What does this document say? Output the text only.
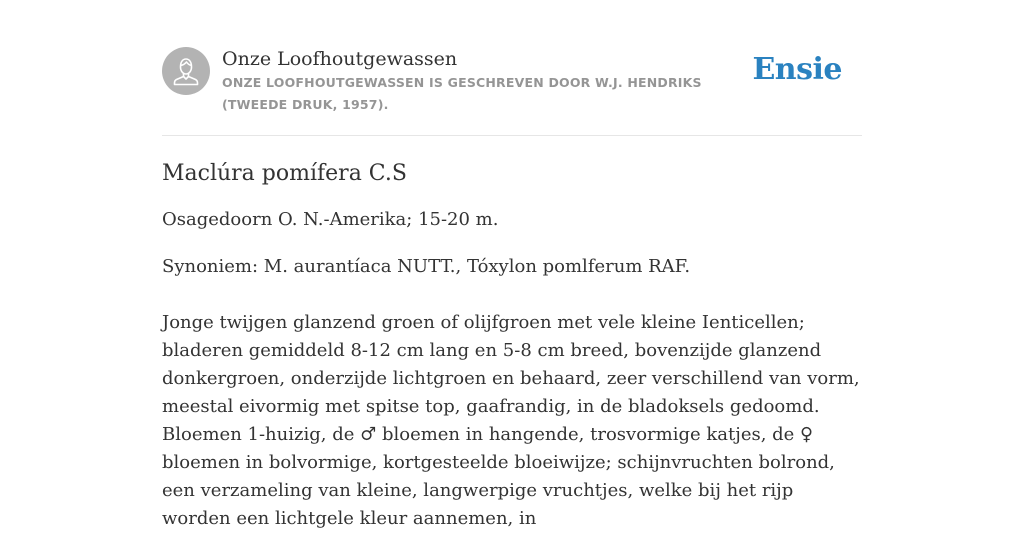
Onze Loofhoutgewassen
ONZE LOOFHOUTGEWASSEN IS GESCHREVEN DOOR W.J. HENDRIKS (TWEEDE DRUK, 1957).
Ensie
Maclúra pomífera C.S

Osagedoorn O. N.-Amerika; 15-20 m.

Synoniem: M. aurantíaca NUTT., Tóxylon pomlferum RAF.

Jonge twijgen glanzend groen of olijfgroen met vele kleine Ienticellen; bladeren gemiddeld 8-12 cm lang en 5-8 cm breed, bovenzijde glanzend donkergroen, onderzijde lichtgroen en behaard, zeer verschillend van vorm, meestal eivormig met spitse top, gaafrandig, in de bladoksels gedoomd. Bloemen 1-huizig, de ♂ bloemen in hangende, trosvormige katjes, de ♀ bloemen in bolvormige, kortgesteelde bloeiwijze; schijnvruchten bolrond, een verzameling van kleine, langwerpige vruchtjes, welke bij het rijp worden een lichtgele kleur aannemen, in
